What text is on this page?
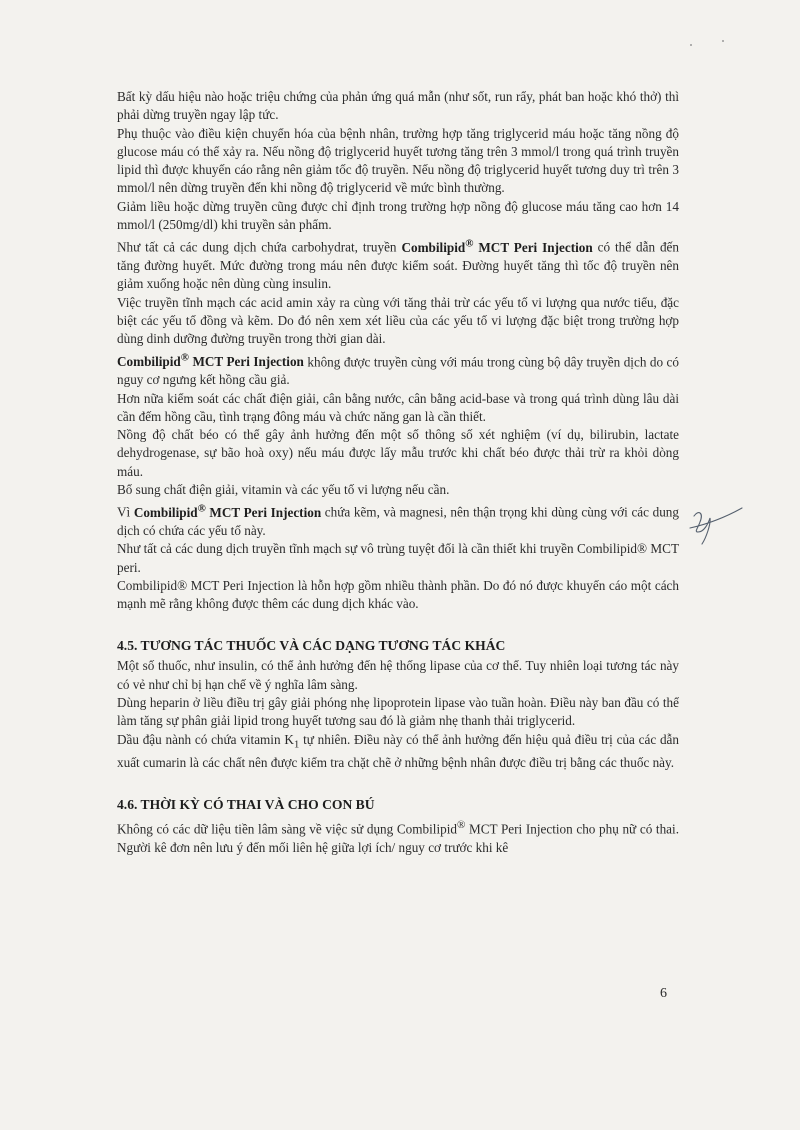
Bất kỳ dấu hiệu nào hoặc triệu chứng của phản ứng quá mẫn (như sốt, run rẩy, phát ban hoặc khó thở) thì phải dừng truyền ngay lập tức.

Phụ thuộc vào điều kiện chuyển hóa của bệnh nhân, trường hợp tăng triglycerid máu hoặc tăng nồng độ glucose máu có thể xảy ra. Nếu nồng độ triglycerid huyết tương tăng trên 3 mmol/l trong quá trình truyền lipid thì được khuyến cáo rằng nên giảm tốc độ truyền. Nếu nồng độ triglycerid huyết tương duy trì trên 3 mmol/l nên dừng truyền đến khi nồng độ triglycerid về mức bình thường.

Giảm liều hoặc dừng truyền cũng được chỉ định trong trường hợp nồng độ glucose máu tăng cao hơn 14 mmol/l (250mg/dl) khi truyền sản phẩm.

Như tất cả các dung dịch chứa carbohydrat, truyền Combilipid® MCT Peri Injection có thể dẫn đến tăng đường huyết. Mức đường trong máu nên được kiểm soát. Đường huyết tăng thì tốc độ truyền nên giảm xuống hoặc nên dùng cùng insulin.

Việc truyền tĩnh mạch các acid amin xảy ra cùng với tăng thải trừ các yếu tố vi lượng qua nước tiểu, đặc biệt các yếu tố đồng và kẽm. Do đó nên xem xét liều của các yếu tố vi lượng đặc biệt trong trường hợp dùng dinh dưỡng đường truyền trong thời gian dài.

Combilipid® MCT Peri Injection không được truyền cùng với máu trong cùng bộ dây truyền dịch do có nguy cơ ngưng kết hồng cầu giả.

Hơn nữa kiểm soát các chất điện giải, cân bằng nước, cân bằng acid-base và trong quá trình dùng lâu dài cần đếm hồng cầu, tình trạng đông máu và chức năng gan là cần thiết.

Nồng độ chất béo có thể gây ảnh hưởng đến một số thông số xét nghiệm (ví dụ, bilirubin, lactate dehydrogenase, sự bão hoà oxy) nếu máu được lấy mẫu trước khi chất béo được thải trừ ra khỏi dòng máu.

Bổ sung chất điện giải, vitamin và các yếu tố vi lượng nếu cần.

Vì Combilipid® MCT Peri Injection chứa kẽm, và magnesi, nên thận trọng khi dùng cùng với các dung dịch có chứa các yếu tố này.

Như tất cả các dung dịch truyền tĩnh mạch sự vô trùng tuyệt đối là cần thiết khi truyền Combilipid® MCT peri.

Combilipid® MCT Peri Injection là hỗn hợp gồm nhiều thành phần. Do đó nó được khuyến cáo một cách mạnh mẽ rằng không được thêm các dung dịch khác vào.

4.5. TƯƠNG TÁC THUỐC VÀ CÁC DẠNG TƯƠNG TÁC KHÁC

Một số thuốc, như insulin, có thể ảnh hưởng đến hệ thống lipase của cơ thể. Tuy nhiên loại tương tác này có vẻ như chỉ bị hạn chế về ý nghĩa lâm sàng.

Dùng heparin ở liều điều trị gây giải phóng nhẹ lipoprotein lipase vào tuần hoàn. Điều này ban đầu có thể làm tăng sự phân giải lipid trong huyết tương sau đó là giảm nhẹ thanh thải triglycerid.

Dầu đậu nành có chứa vitamin $K_1$ tự nhiên. Điều này có thể ảnh hưởng đến hiệu quả điều trị của các dẫn xuất cumarin là các chất nên được kiểm tra chặt chẽ ở những bệnh nhân được điều trị bằng các thuốc này.

4.6. THỜI KỲ CÓ THAI VÀ CHO CON BÚ

Không có các dữ liệu tiền lâm sàng về việc sử dụng Combilipid® MCT Peri Injection cho phụ nữ có thai. Người kê đơn nên lưu ý đến mối liên hệ giữa lợi ích/ nguy cơ trước khi kê

6
